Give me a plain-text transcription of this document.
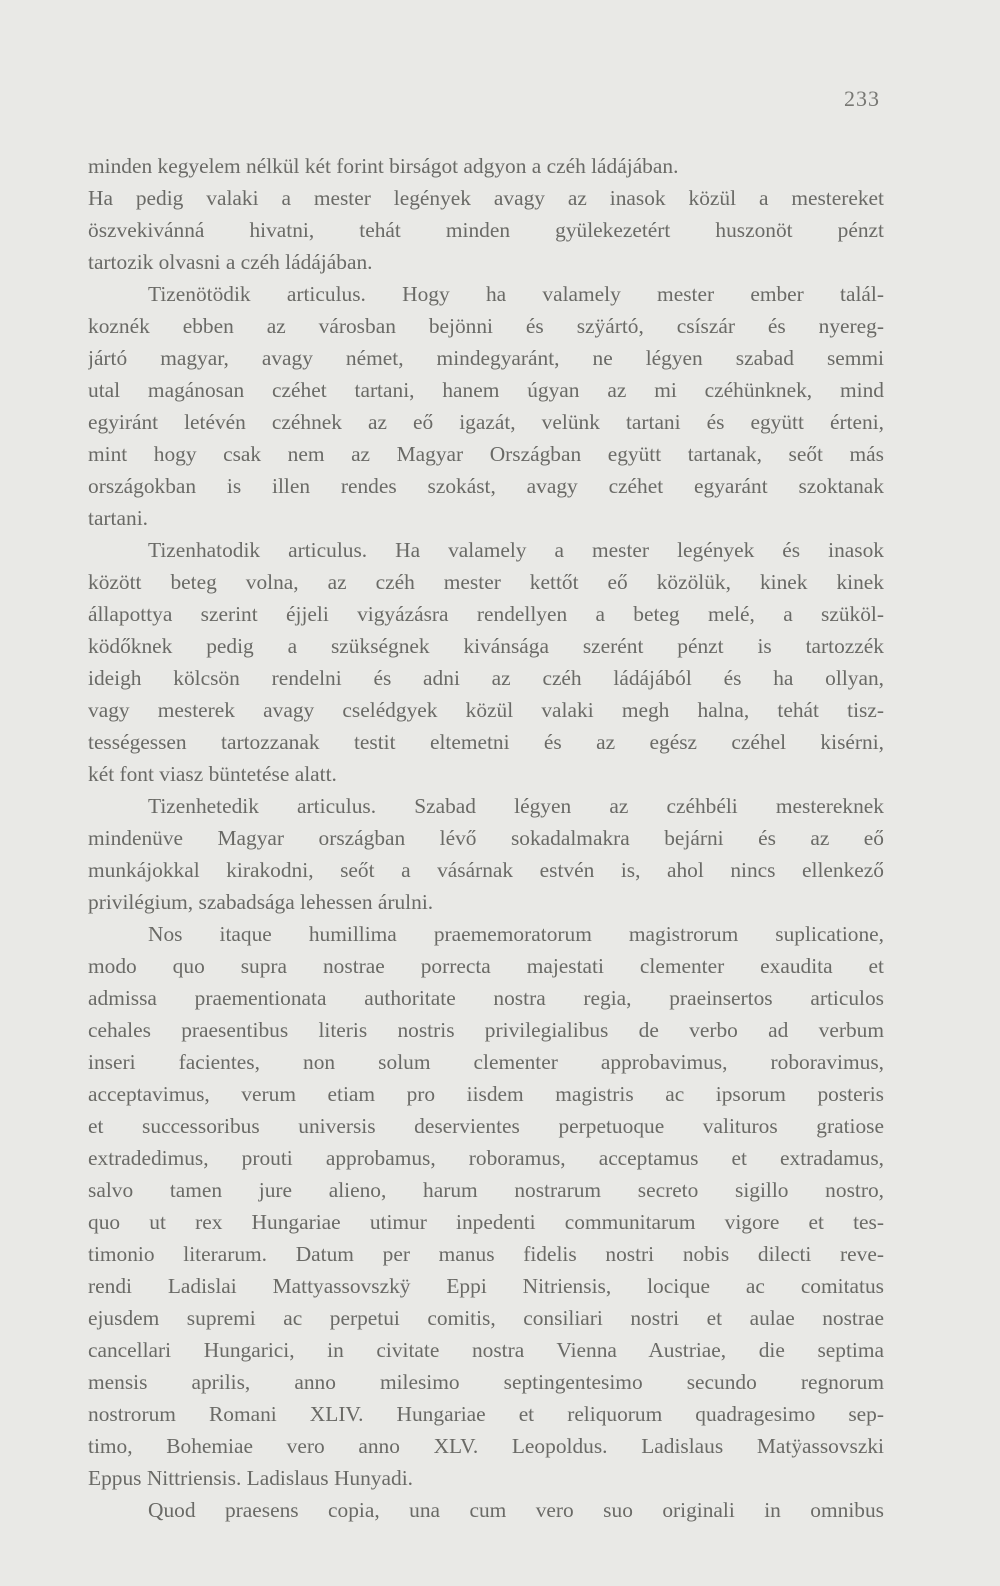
233
minden kegyelem nélkül két forint birságot adgyon a czéh ládájában.
Ha pedig valaki a mester legények avagy az inasok közül a mestereket
öszvekivánná hivatni, tehát minden gyülekezetért huszonöt pénzt
tartozik olvasni a czéh ládájában.
Tizenötödik articulus. Hogy ha valamely mester ember talál-
koznék ebben az városban bejönni és szÿártó, csíszár és nyereg-
jártó magyar, avagy német, mindegyaránt, ne légyen szabad semmi
utal magánosan czéhet tartani, hanem úgyan az mi czéhünknek, mind
egyiránt letévén czéhnek az eő igazát, velünk tartani és együtt érteni,
mint hogy csak nem az Magyar Országban együtt tartanak, seőt más
országokban is illen rendes szokást, avagy czéhet egyaránt szoktanak
tartani.
Tizenhatodik articulus. Ha valamely a mester legények és inasok
között beteg volna, az czéh mester kettőt eő közölük, kinek kinek
állapottya szerint éjjeli vigyázásra rendellyen a beteg melé, a szüköl-
ködőknek pedig a szükségnek kivánsága szerént pénzt is tartozzék
ideigh kölcsön rendelni és adni az czéh ládájából és ha ollyan,
vagy mesterek avagy cselédgyek közül valaki megh halna, tehát tisz-
tességessen tartozzanak testit eltemetni és az egész czéhel kisérni,
két font viasz büntetése alatt.
Tizenhetedik articulus. Szabad légyen az czéhbéli mestereknek
mindenüve Magyar országban lévő sokadalmakra bejárni és az eő
munkájokkal kirakodni, seőt a vásárnak estvén is, ahol nincs ellenkező
privilégium, szabadsága lehessen árulni.
Nos itaque humillima praememoratorum magistrorum suplicatione,
modo quo supra nostrae porrecta majestati clementer exaudita et
admissa praementionata authoritate nostra regia, praeinsertos articulos
cehales praesentibus literis nostris privilegialibus de verbo ad verbum
inseri facientes, non solum clementer approbavimus, roboravimus,
acceptavimus, verum etiam pro iisdem magistris ac ipsorum posteris
et successoribus universis deservientes perpetuoque valituros gratiose
extradedimus, prouti approbamus, roboramus, acceptamus et extradamus,
salvo tamen jure alieno, harum nostrarum secreto sigillo nostro,
quo ut rex Hungariae utimur inpedenti communitarum vigore et tes-
timonio literarum. Datum per manus fidelis nostri nobis dilecti reve-
rendi Ladislai Mattyassovszkÿ Eppi Nitriensis, locique ac comitatus
ejusdem supremi ac perpetui comitis, consiliari nostri et aulae nostrae
cancellari Hungarici, in civitate nostra Vienna Austriae, die septima
mensis aprilis, anno milesimo septingentesimo secundo regnorum
nostrorum Romani XLIV. Hungariae et reliquorum quadragesimo sep-
timo, Bohemiae vero anno XLV. Leopoldus. Ladislaus Matÿassovszki
Eppus Nittriensis. Ladislaus Hunyadi.
Quod praesens copia, una cum vero suo originali in omnibus
